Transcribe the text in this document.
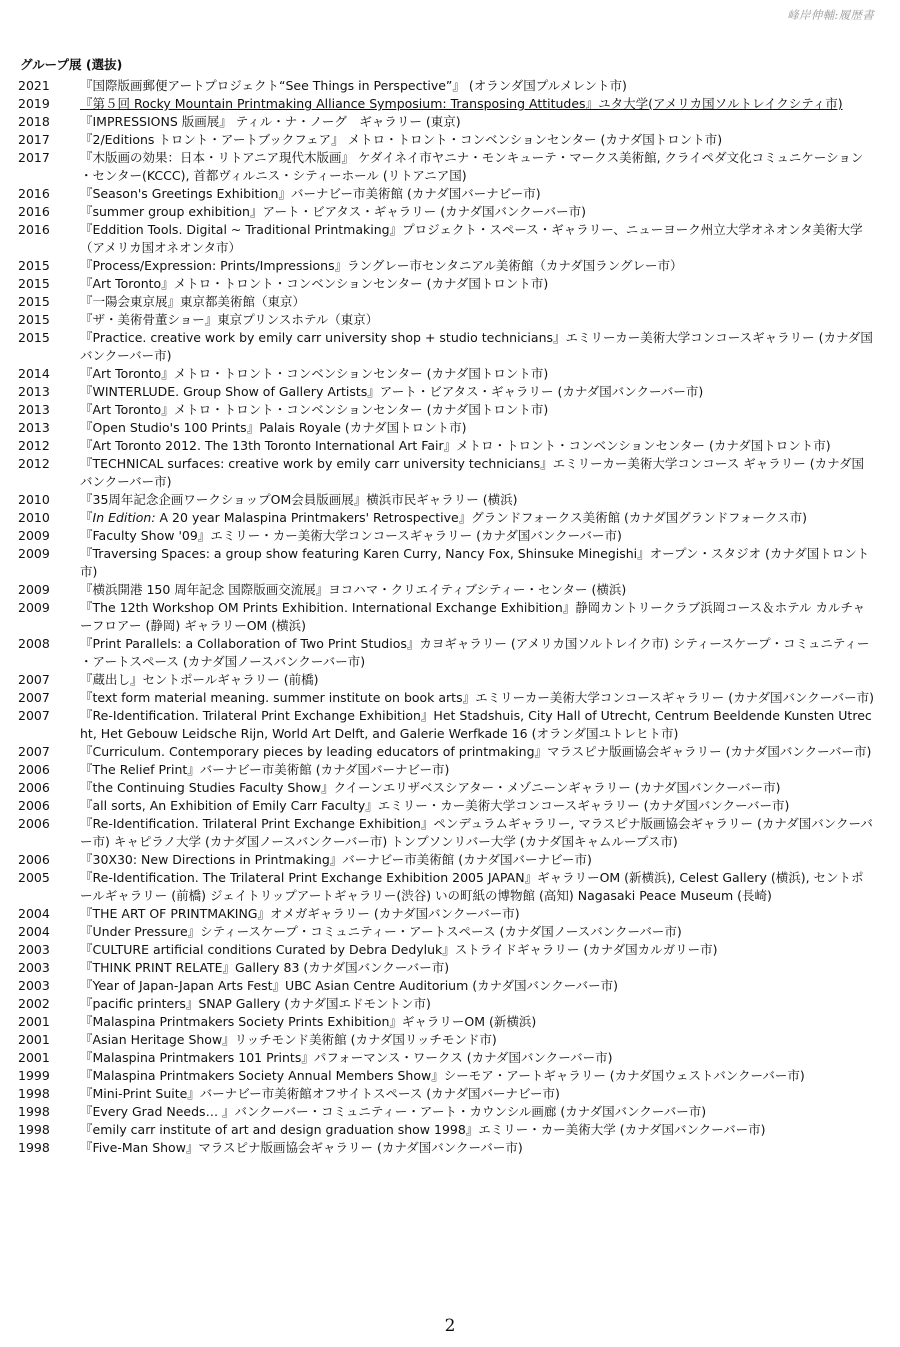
峰岸伸輔:履歴書
グループ展 (選抜)
2021	『国際版画郵便アートプロジェクト“See Things in Perspective”』 (オランダ国プルメレント市)
2019	『第５回 Rocky Mountain Printmaking Alliance Symposium: Transposing Attitudes』ユタ大学(アメリカ国ソルトレイクシティ市)
2018	『IMPRESSIONS 版画展』 ティル・ナ・ノーグ　ギャラリー (東京)
2017	『2/Editions トロント・アートブックフェア』 メトロ・トロント・コンベンションセンター (カナダ国トロント市)
2017	『木版画の効果：日本・リトアニア現代木版画』 ケダイネイ市ヤニナ・モンキューテ・マークス美術館, クライペダ文化コミュニケーション・センター(KCCC), 首都ヴィルニス・シティーホール (リトアニア国)
2016	『Season's Greetings Exhibition』バーナビー市美術館 (カナダ国バーナビー市)
2016	『summer group exhibition』アート・ビアタス・ギャラリー (カナダ国バンクーバー市)
2016	『Eddition Tools. Digital ~ Traditional Printmaking』プロジェクト・スペース・ギャラリー、ニューヨーク州立大学オネオンタ美術大学（アメリカ国オネオンタ市）
2015	『Process/Expression: Prints/Impressions』ラングレー市センタニアル美術館（カナダ国ラングレー市）
2015	『Art Toronto』メトロ・トロント・コンベンションセンター (カナダ国トロント市)
2015	『一陽会東京展』東京都美術館（東京）
2015	『ザ・美術骨董ショー』東京プリンスホテル（東京）
2015	『Practice. creative work by emily carr university shop + studio technicians』エミリーカー美術大学コンコースギャラリー (カナダ国バンクーバー市)
2014	『Art Toronto』メトロ・トロント・コンベンションセンター (カナダ国トロント市)
2013	『WINTERLUDE. Group Show of Gallery Artists』アート・ビアタス・ギャラリー (カナダ国バンクーバー市)
2013	『Art Toronto』メトロ・トロント・コンベンションセンター (カナダ国トロント市)
2013	『Open Studio's 100 Prints』Palais Royale (カナダ国トロント市)
2012	『Art Toronto 2012. The 13th Toronto International Art Fair』メトロ・トロント・コンベンションセンター (カナダ国トロント市)
2012	『TECHNICAL surfaces: creative work by emily carr university technicians』エミリーカー美術大学コンコース ギャラリー (カナダ国バンクーバー市)
2010	『35周年記念企画ワークショップOM会員版画展』横浜市民ギャラリー (横浜)
2010	『In Edition: A 20 year Malaspina Printmakers' Retrospective』グランドフォークス美術館 (カナダ国グランドフォークス市)
2009	『Faculty Show '09』エミリー・カー美術大学コンコースギャラリー (カナダ国バンクーバー市)
2009	『Traversing Spaces: a group show featuring Karen Curry, Nancy Fox, Shinsuke Minegishi』オープン・スタジオ (カナダ国トロント市)
2009	『横浜開港 150 周年記念 国際版画交流展』ヨコハマ・クリエイティブシティー・センター (横浜)
2009	『The 12th Workshop OM Prints Exhibition. International Exchange Exhibition』静岡カントリークラブ浜岡コース＆ホテル カルチャーフロアー (静岡) ギャラリーOM (横浜)
2008	『Print Parallels: a Collaboration of Two Print Studios』カヨギャラリー (アメリカ国ソルトレイク市) シティースケープ・コミュニティー・アートスペース (カナダ国ノースバンクーバー市)
2007	『蔵出し』セントポールギャラリー (前橋)
2007	『text form material meaning. summer institute on book arts』エミリーカー美術大学コンコースギャラリー (カナダ国バンクーバー市)
2007	『Re-Identification. Trilateral Print Exchange Exhibition』Het Stadshuis, City Hall of Utrecht, Centrum Beeldende Kunsten Utrecht, Het Gebouw Leidsche Rijn, World Art Delft, and Galerie Werfkade 16 (オランダ国ユトレヒト市)
2007	『Curriculum. Contemporary pieces by leading educators of printmaking』マラスピナ版画協会ギャラリー (カナダ国バンクーバー市)
2006	『The Relief Print』バーナビー市美術館 (カナダ国バーナビー市)
2006	『the Continuing Studies Faculty Show』クイーンエリザベスシアター・メゾニーンギャラリー (カナダ国バンクーバー市)
2006	『all sorts, An Exhibition of Emily Carr Faculty』エミリー・カー美術大学コンコースギャラリー (カナダ国バンクーバー市)
2006	『Re-Identification. Trilateral Print Exchange Exhibition』ペンデュラムギャラリー, マラスピナ版画協会ギャラリー (カナダ国バンクーバー市) キャピラノ大学 (カナダ国ノースバンクーバー市) トンプソンリバー大学 (カナダ国キャムループス市)
2006	『30X30: New Directions in Printmaking』バーナビー市美術館 (カナダ国バーナビー市)
2005	『Re-Identification. The Trilateral Print Exchange Exhibition 2005 JAPAN』ギャラリーOM (新横浜), Celest Gallery (横浜), セントポールギャラリー (前橋) ジェイトリップアートギャラリー(渋谷) いの町紙の博物館 (高知) Nagasaki Peace Museum (長崎)
2004	『THE ART OF PRINTMAKING』オメガギャラリー (カナダ国バンクーバー市)
2004	『Under Pressure』シティースケープ・コミュニティー・アートスペース (カナダ国ノースバンクーバー市)
2003	『CULTURE artificial conditions Curated by Debra Dedyluk』ストライドギャラリー (カナダ国カルガリー市)
2003	『THINK PRINT RELATE』Gallery 83 (カナダ国バンクーバー市)
2003	『Year of Japan-Japan Arts Fest』UBC Asian Centre Auditorium (カナダ国バンクーバー市)
2002	『pacific printers』SNAP Gallery (カナダ国エドモントン市)
2001	『Malaspina Printmakers Society Prints Exhibition』ギャラリーOM (新横浜)
2001	『Asian Heritage Show』リッチモンド美術館 (カナダ国リッチモンド市)
2001	『Malaspina Printmakers 101 Prints』パフォーマンス・ワークス (カナダ国バンクーバー市)
1999	『Malaspina Printmakers Society Annual Members Show』シーモア・アートギャラリー (カナダ国ウェストバンクーバー市)
1998	『Mini-Print Suite』バーナビー市美術館オフサイトスペース (カナダ国バーナビー市)
1998	『Every Grad Needs… 』バンクーバー・コミュニティー・アート・カウンシル画廊 (カナダ国バンクーバー市)
1998	『emily carr institute of art and design graduation show 1998』エミリー・カー美術大学 (カナダ国バンクーバー市)
1998	『Five-Man Show』マラスピナ版画協会ギャラリー (カナダ国バンクーバー市)
2
